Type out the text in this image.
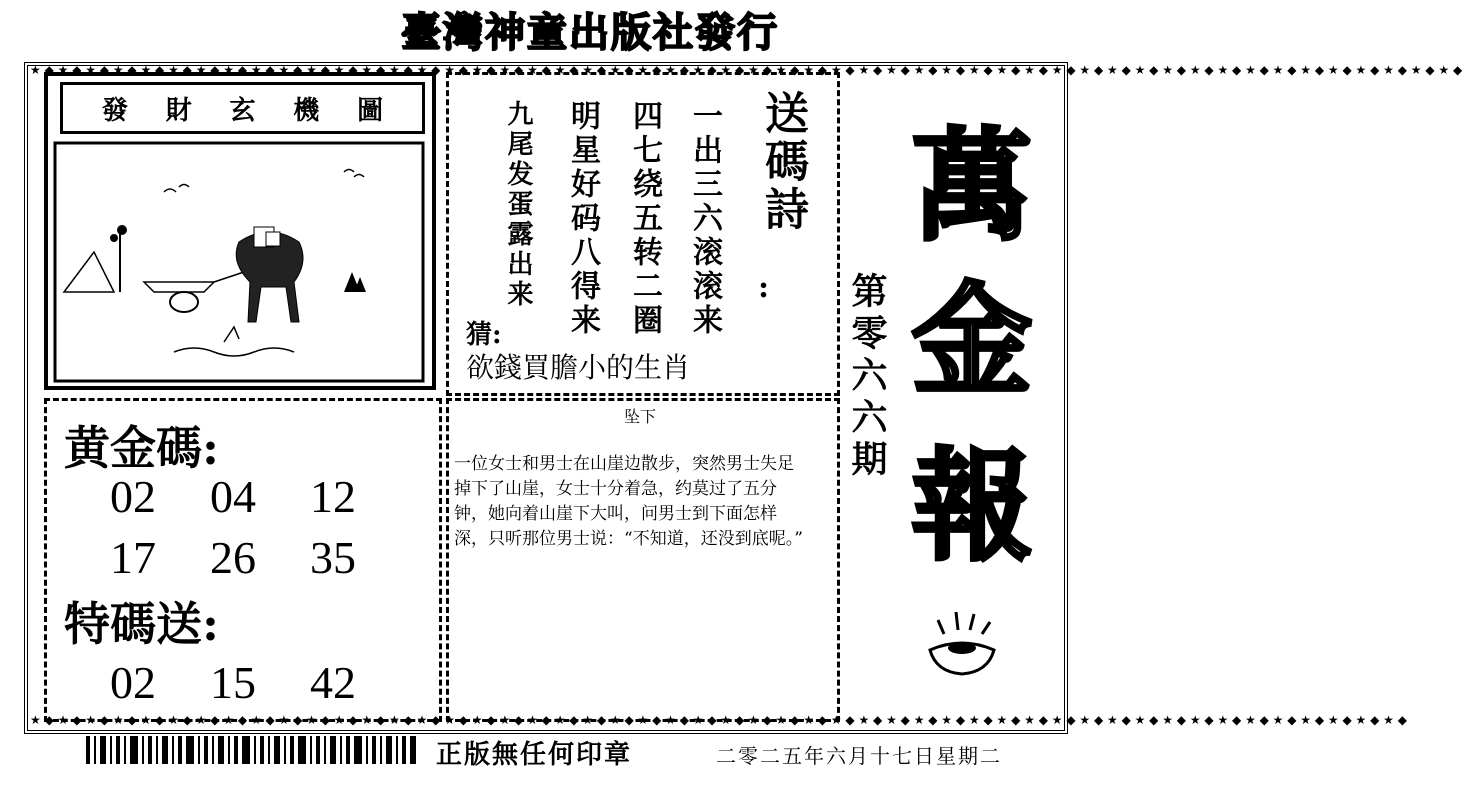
臺灣神童出版社發行
★ ◆ ★ ◆ ★ ◆ ★ ◆ ★ ◆ ★ ◆ ★ ◆ ★ ◆ ★ ◆ ★ ◆ ★ ◆ ★ ◆ ★ ◆ ★ ◆ ★ ◆ ★ ◆ ★ ◆ ★ ◆ ★ ◆ ★ ◆ ★ ◆ ★ ◆ ★ ◆ ★ ◆ ★ ◆ ★ ◆ ★ ◆ ★ ◆ ★ ◆ ★ ◆ ★ ◆ ★ ◆ ★ ◆ ★ ◆ ★ ◆ ★ ◆ ★ ◆ ★ ◆ ★ ◆ ★ ◆ ★ ◆ ★ ◆ ★ ◆ ★ ◆ ★ ◆ ★ ◆ ★ ◆ ★ ◆ ★ ◆ ★ ◆ ★ ◆ ★ ◆
★ ◆ ★ ◆ ★ ◆ ★ ◆ ★ ◆ ★ ◆ ★ ◆ ★ ◆ ★ ◆ ★ ◆ ★ ◆ ★ ◆ ★ ◆ ★ ◆ ★ ◆ ★ ◆ ★ ◆ ★ ◆ ★ ◆ ★ ◆ ★ ◆ ★ ◆ ★ ◆ ★ ◆ ★ ◆ ★ ◆ ★ ◆ ★ ◆ ★ ◆ ★ ◆ ★ ◆ ★ ◆ ★ ◆ ★ ◆ ★ ◆ ★ ◆ ★ ◆ ★ ◆ ★ ◆ ★ ◆ ★ ◆ ★ ◆ ★ ◆ ★ ◆ ★ ◆ ★ ◆ ★ ◆ ★ ◆ ★ ◆ ★ ◆
發 財 玄 機 圖	送碼詩
:
一出三六滚滚来
四七绕五转二圈
明星好码八得来
九尾发蛋露出来
猜:
欲錢買膽小的生肖
黄金碼:
02	04	12
17	26	35
特碼送:
02	15	42
坠下
一位女士和男士在山崖边散步，突然男士失足掉下了山崖，女士十分着急，约莫过了五分钟，她向着山崖下大叫，问男士到下面怎样深，只听那位男士说：“不知道，还没到底呢。”
萬
金
報
第零六六期
正版無任何印章	二零二五年六月十七日星期二
